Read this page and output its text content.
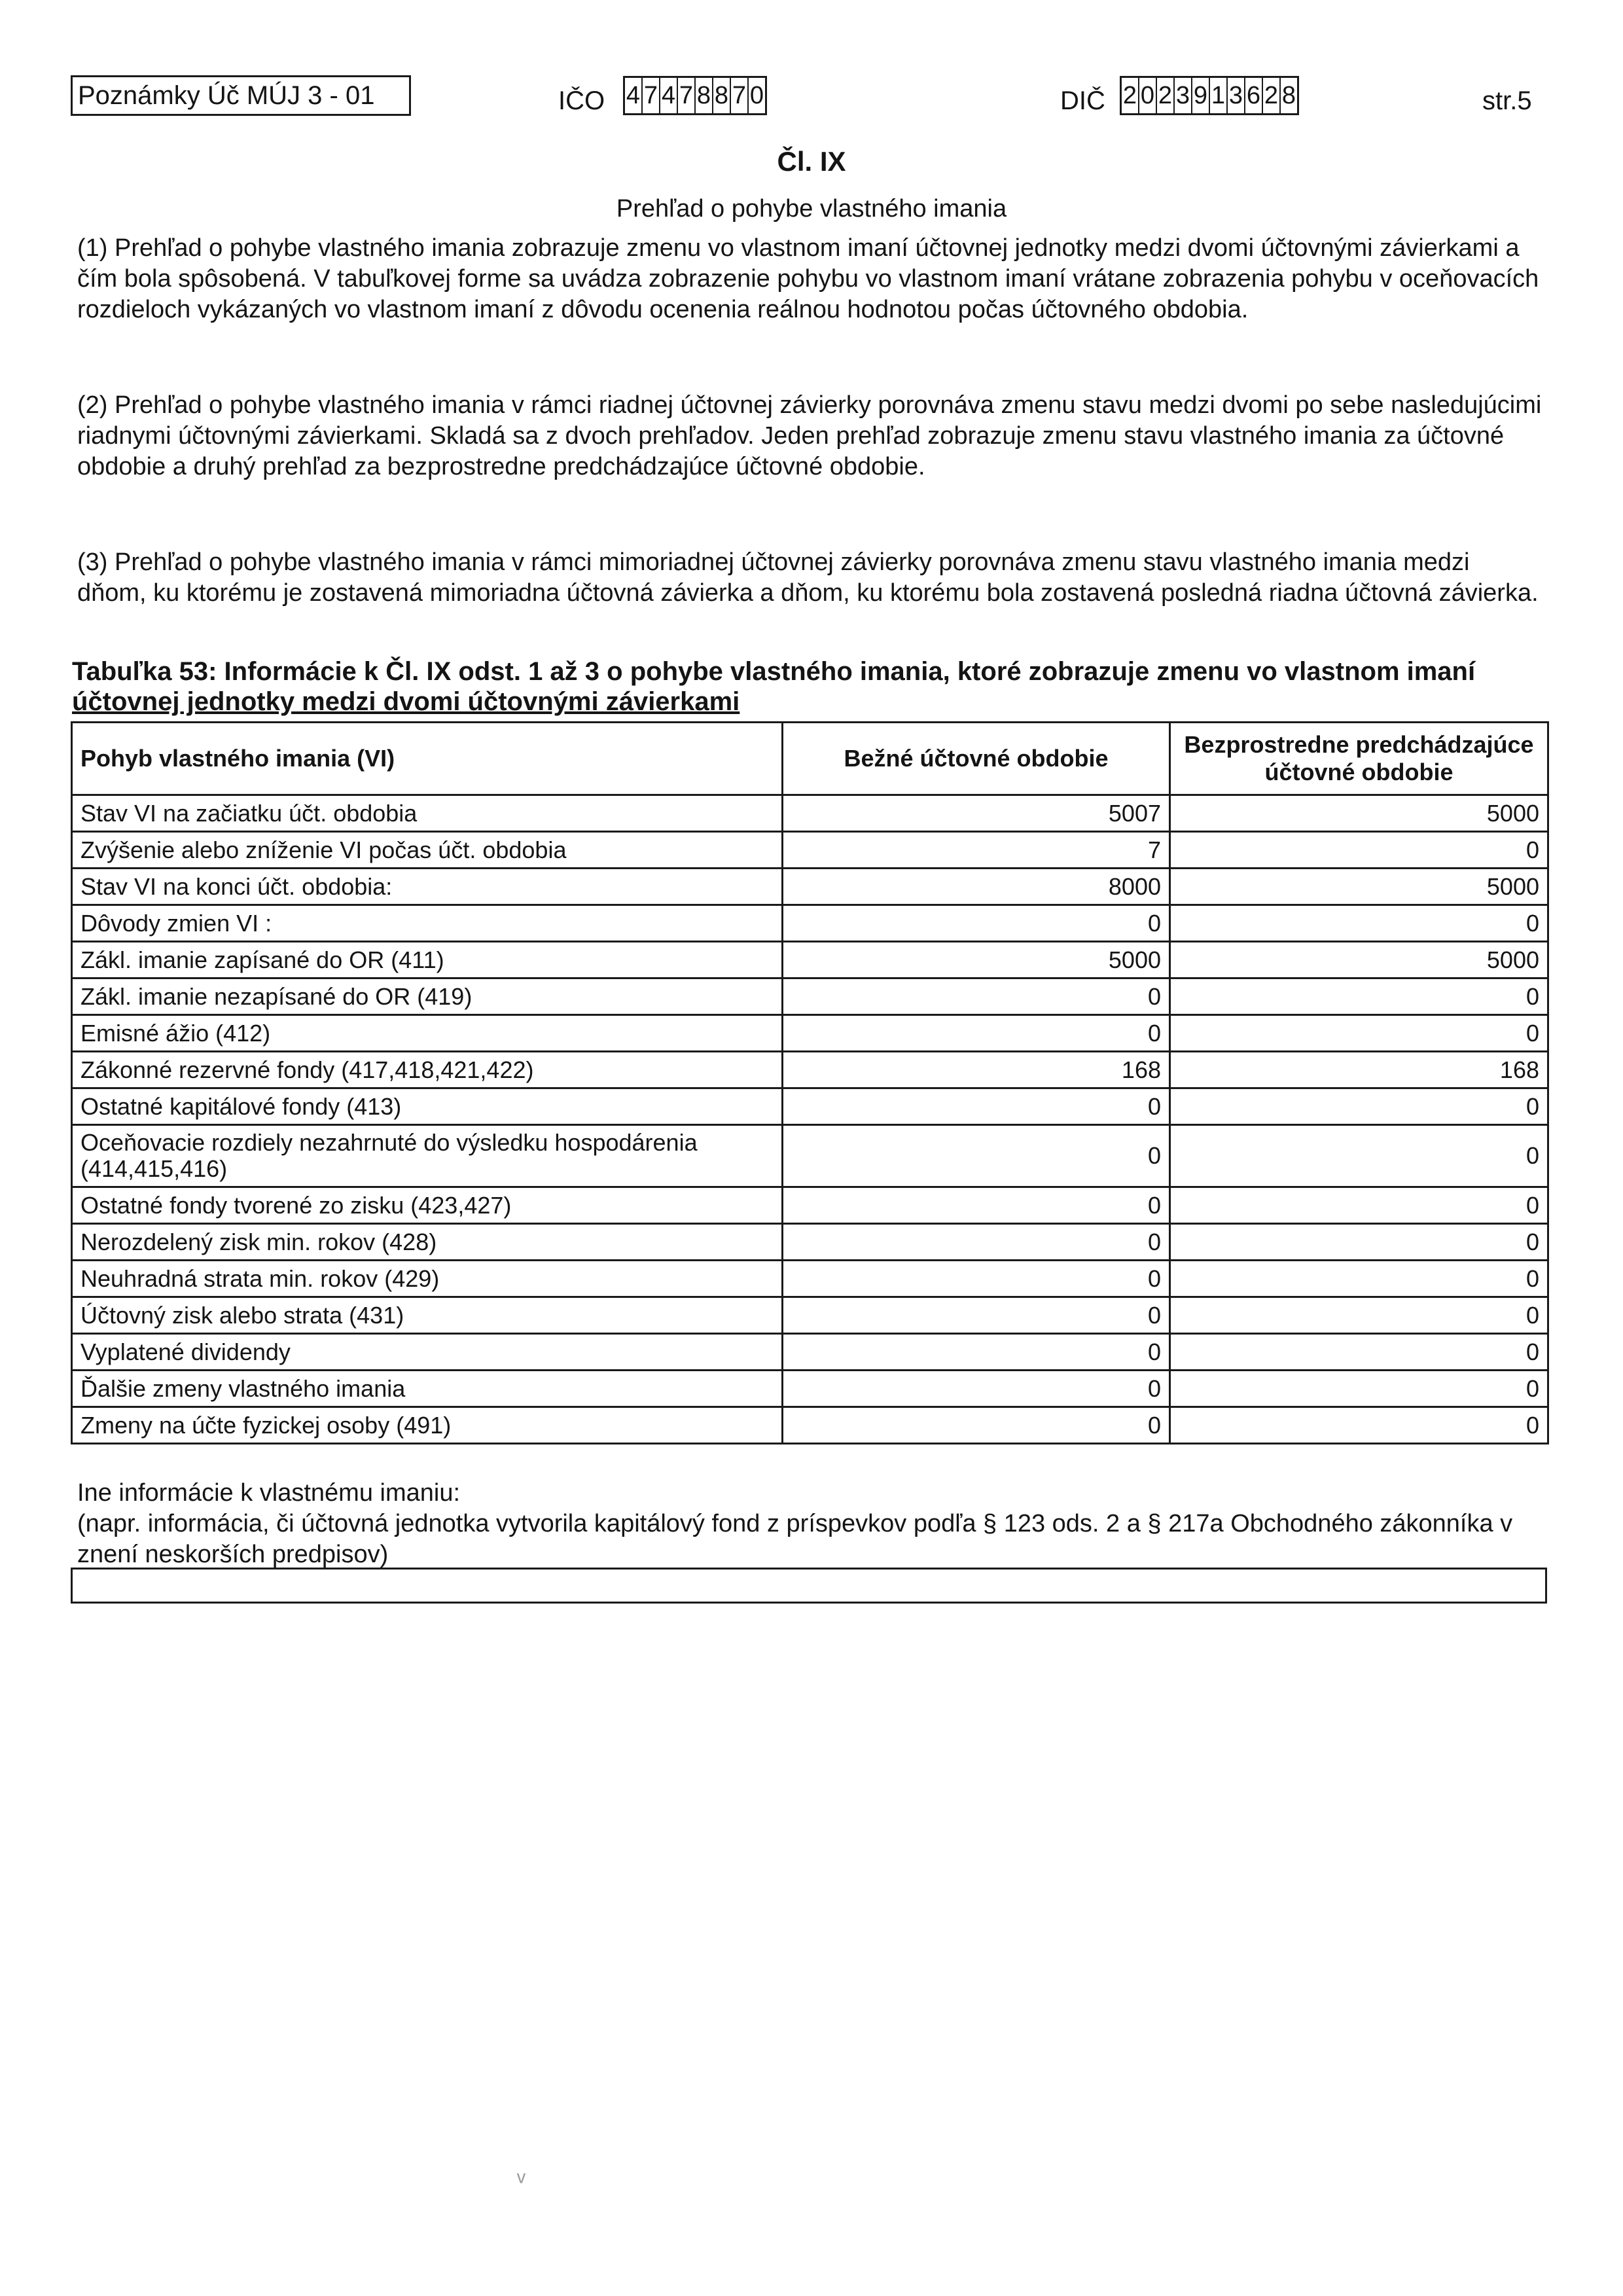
Poznámky Úč MÚJ 3 - 01	IČO 4 7 4 7 8 8 7 0	DIČ 2 0 2 3 9 1 3 6 2 8	str.5
Čl. IX
Prehľad o pohybe vlastného imania

(1) Prehľad o pohybe vlastného imania zobrazuje zmenu vo vlastnom imaní účtovnej jednotky medzi dvomi účtovnými závierkami a čím bola spôsobená. V tabuľkovej forme sa uvádza zobrazenie pohybu vo vlastnom imaní vrátane zobrazenia pohybu v oceňovacích rozdieloch vykázaných vo vlastnom imaní z dôvodu ocenenia reálnou hodnotou počas účtovného obdobia.

(2) Prehľad o pohybe vlastného imania v rámci riadnej účtovnej závierky porovnáva zmenu stavu medzi dvomi po sebe nasledujúcimi riadnymi účtovnými závierkami. Skladá sa z dvoch prehľadov. Jeden prehľad zobrazuje zmenu stavu vlastného imania za účtovné obdobie a druhý prehľad za bezprostredne predchádzajúce účtovné obdobie.

(3) Prehľad o pohybe vlastného imania v rámci mimoriadnej účtovnej závierky porovnáva zmenu stavu vlastného imania medzi dňom, ku ktorému je zostavená mimoriadna účtovná závierka a dňom, ku ktorému bola zostavená posledná riadna účtovná závierka.

Tabuľka 53: Informácie k Čl. IX odst. 1 až 3 o pohybe vlastného imania, ktoré zobrazuje zmenu vo vlastnom imaní
účtovnej jednotky medzi dvomi účtovnými závierkami
Pohyb vlastného imania (VI)	Bežné účtovné obdobie	Bezprostredne predchádzajúce účtovné obdobie
Stav VI na začiatku účt. obdobia	5007	5000
Zvýšenie alebo zníženie VI počas účt. obdobia	7	0
Stav VI na konci účt. obdobia:	8000	5000
Dôvody zmien VI :	0	0
Zákl. imanie zapísané do OR (411)	5000	5000
Zákl. imanie nezapísané do OR (419)	0	0
Emisné ážio (412)	0	0
Zákonné rezervné fondy (417,418,421,422)	168	168
Ostatné kapitálové fondy (413)	0	0
Oceňovacie rozdiely nezahrnuté do výsledku hospodárenia (414,415,416)	0	0
Ostatné fondy tvorené zo zisku (423,427)	0	0
Nerozdelený zisk min. rokov (428)	0	0
Neuhradná strata min. rokov (429)	0	0
Účtovný zisk alebo strata (431)	0	0
Vyplatené dividendy	0	0
Ďalšie zmeny vlastného imania	0	0
Zmeny na účte fyzickej osoby (491)	0	0

Ine informácie k vlastnému imaniu:

(napr. informácia, či účtovná jednotka vytvorila kapitálový fond z príspevkov podľa § 123 ods. 2 a § 217a Obchodného zákonníka v znení neskorších predpisov)

ᵛ
